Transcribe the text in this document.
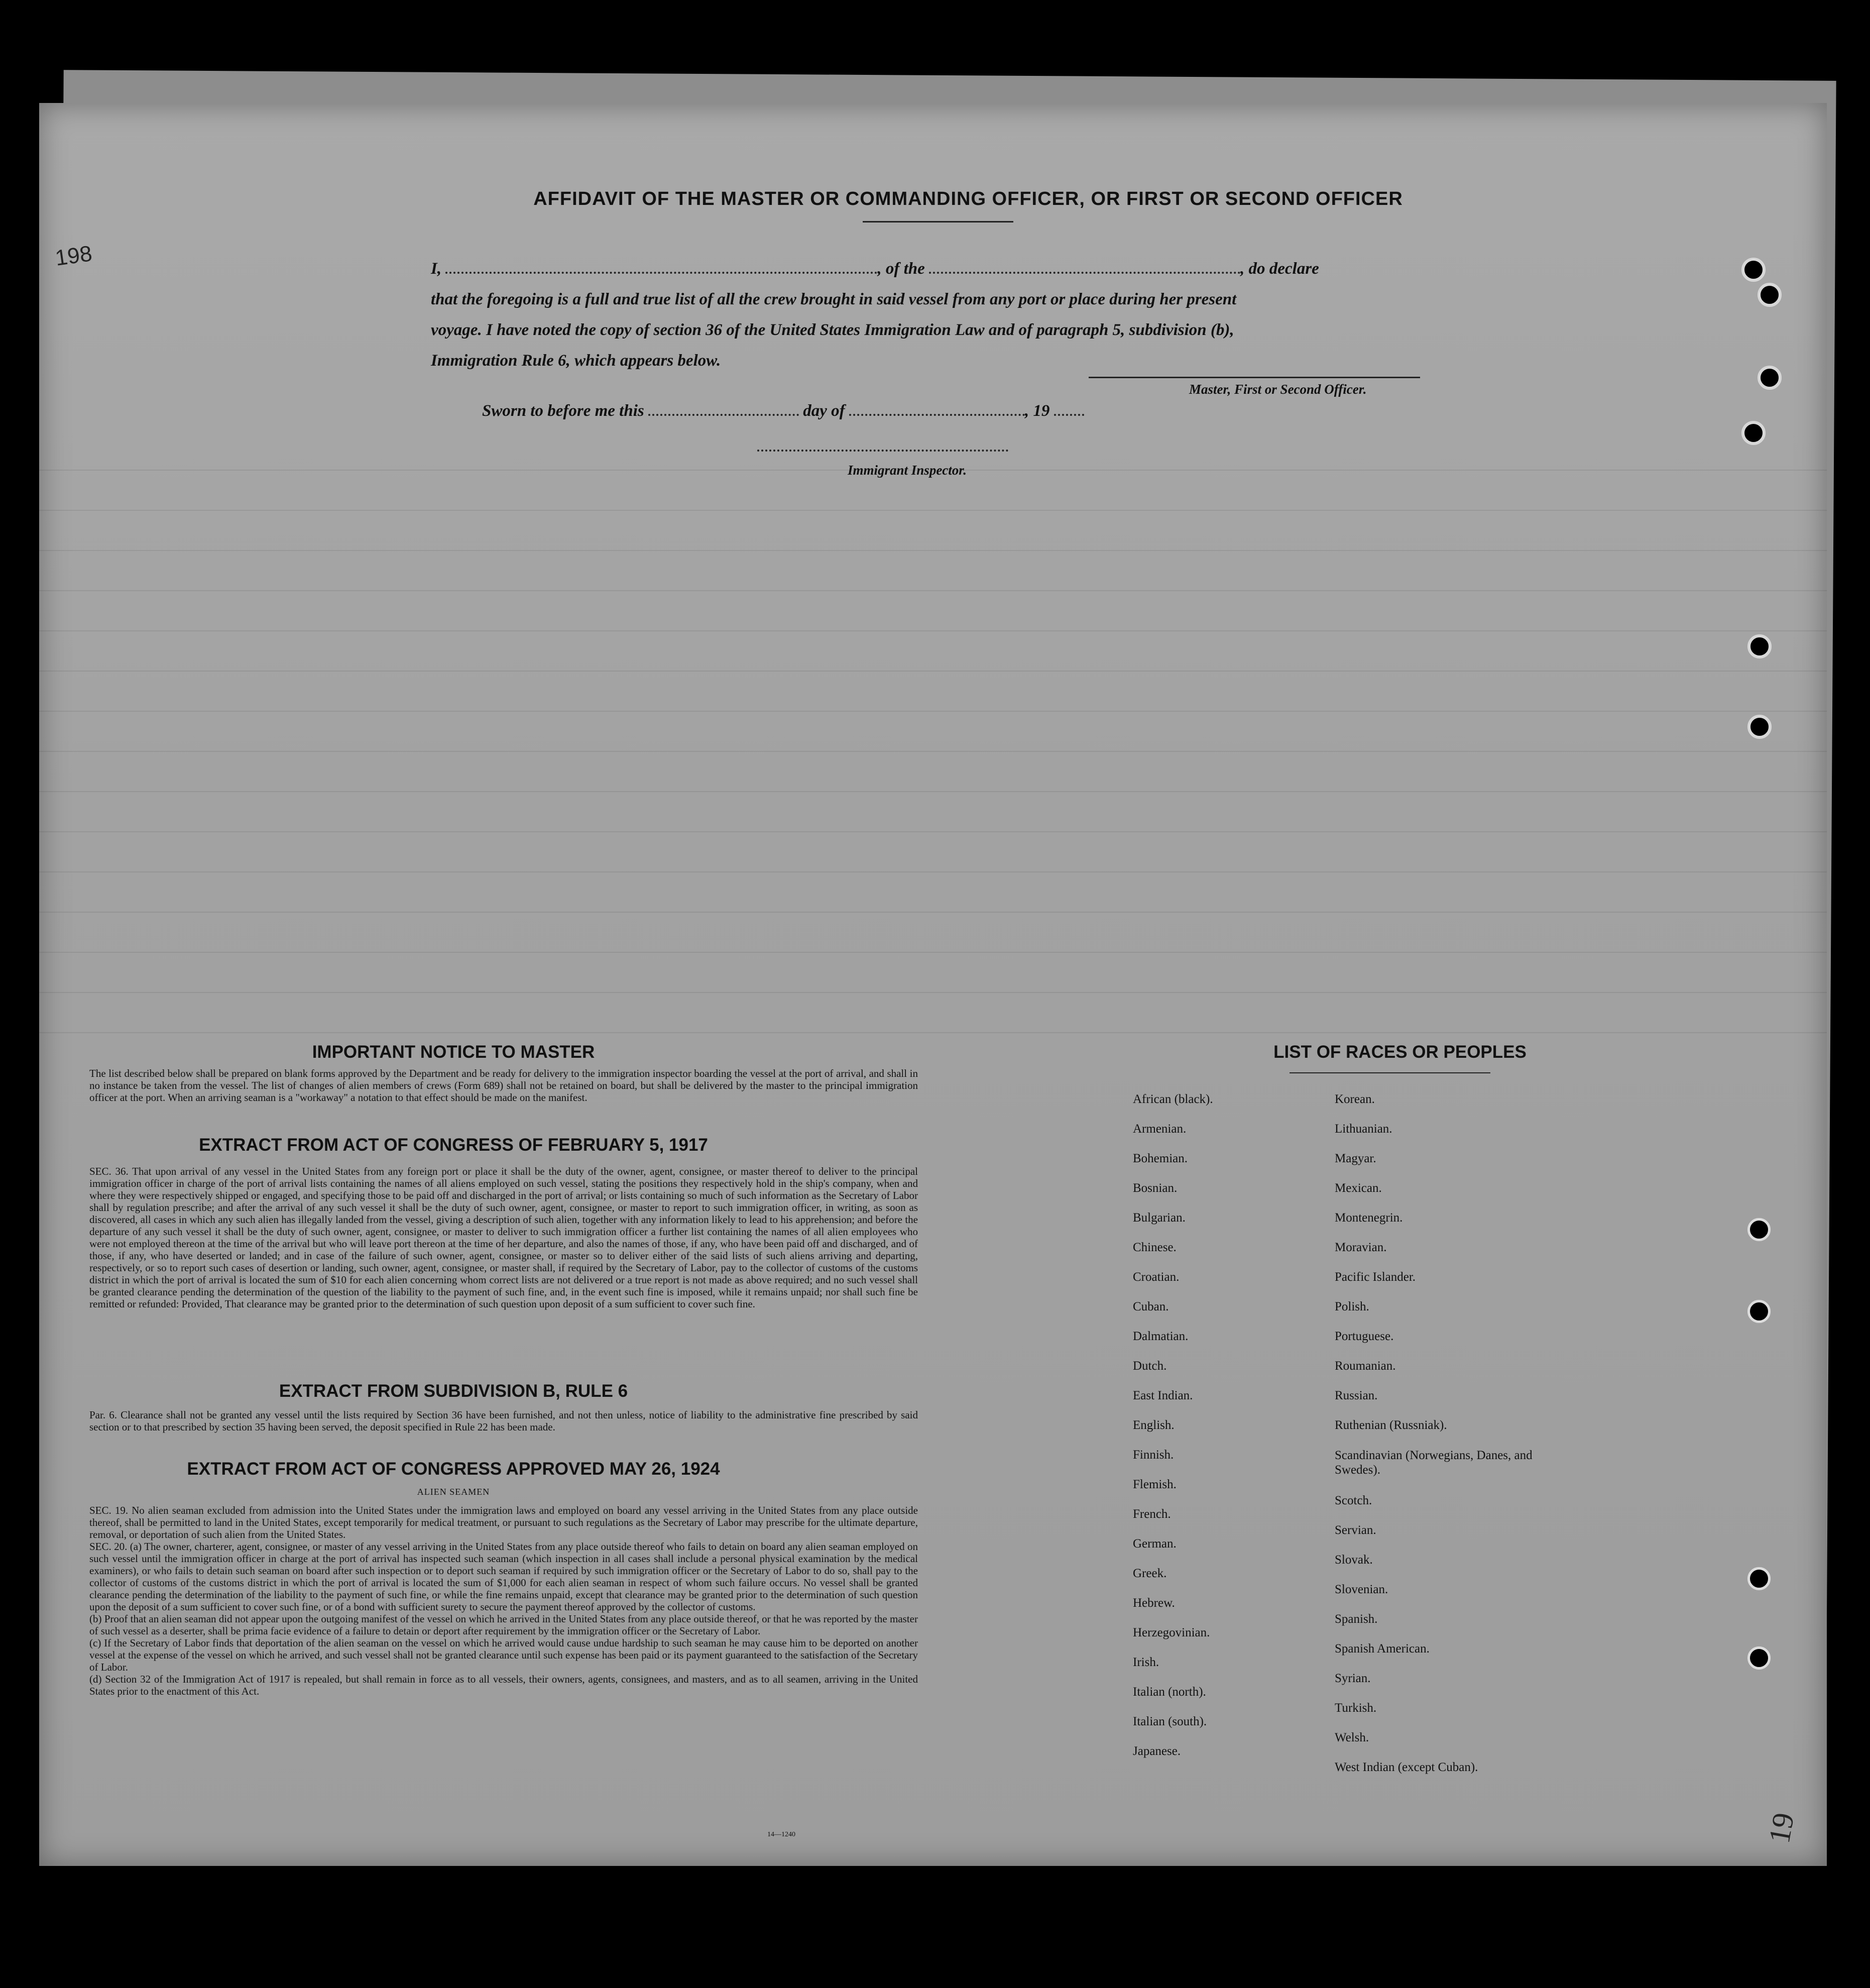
198
AFFIDAVIT OF THE MASTER OR COMMANDING OFFICER, OR FIRST OR SECOND OFFICER
I,	, of the	, do declare
that the foregoing is a full and true list of all the crew brought in said vessel from any port or place during her present
voyage. I have noted the copy of section 36 of the United States Immigration Law and of paragraph 5, subdivision (b),
Immigration Rule 6, which appears below.
Master, First or Second Officer.
Sworn to before me this	day of	, 19
Immigrant Inspector.
IMPORTANT NOTICE TO MASTER
The list described below shall be prepared on blank forms approved by the Department and be ready for delivery to the immigration inspector boarding the vessel at the port of arrival, and shall in no instance be taken from the vessel. The list of changes of alien members of crews (Form 689) shall not be retained on board, but shall be delivered by the master to the principal immigration officer at the port. When an arriving seaman is a "workaway" a notation to that effect should be made on the manifest.
EXTRACT FROM ACT OF CONGRESS OF FEBRUARY 5, 1917
SEC. 36. That upon arrival of any vessel in the United States from any foreign port or place it shall be the duty of the owner, agent, consignee, or master thereof to deliver to the principal immigration officer in charge of the port of arrival lists containing the names of all aliens employed on such vessel, stating the positions they respectively hold in the ship's company, when and where they were respectively shipped or engaged, and specifying those to be paid off and discharged in the port of arrival; or lists containing so much of such information as the Secretary of Labor shall by regulation prescribe; and after the arrival of any such vessel it shall be the duty of such owner, agent, consignee, or master to report to such immigration officer, in writing, as soon as discovered, all cases in which any such alien has illegally landed from the vessel, giving a description of such alien, together with any information likely to lead to his apprehension; and before the departure of any such vessel it shall be the duty of such owner, agent, consignee, or master to deliver to such immigration officer a further list containing the names of all alien employees who were not employed thereon at the time of the arrival but who will leave port thereon at the time of her departure, and also the names of those, if any, who have been paid off and discharged, and of those, if any, who have deserted or landed; and in case of the failure of such owner, agent, consignee, or master so to deliver either of the said lists of such aliens arriving and departing, respectively, or so to report such cases of desertion or landing, such owner, agent, consignee, or master shall, if required by the Secretary of Labor, pay to the collector of customs of the customs district in which the port of arrival is located the sum of $10 for each alien concerning whom correct lists are not delivered or a true report is not made as above required; and no such vessel shall be granted clearance pending the determination of the question of the liability to the payment of such fine, and, in the event such fine is imposed, while it remains unpaid; nor shall such fine be remitted or refunded: Provided, That clearance may be granted prior to the determination of such question upon deposit of a sum sufficient to cover such fine.
EXTRACT FROM SUBDIVISION B, RULE 6
Par. 6. Clearance shall not be granted any vessel until the lists required by Section 36 have been furnished, and not then unless, notice of liability to the administrative fine prescribed by said section or to that prescribed by section 35 having been served, the deposit specified in Rule 22 has been made.
EXTRACT FROM ACT OF CONGRESS APPROVED MAY 26, 1924
ALIEN SEAMEN
SEC. 19. No alien seaman excluded from admission into the United States under the immigration laws and employed on board any vessel arriving in the United States from any place outside thereof, shall be permitted to land in the United States, except temporarily for medical treatment, or pursuant to such regulations as the Secretary of Labor may prescribe for the ultimate departure, removal, or deportation of such alien from the United States.
SEC. 20. (a) The owner, charterer, agent, consignee, or master of any vessel arriving in the United States from any place outside thereof who fails to detain on board any alien seaman employed on such vessel until the immigration officer in charge at the port of arrival has inspected such seaman (which inspection in all cases shall include a personal physical examination by the medical examiners), or who fails to detain such seaman on board after such inspection or to deport such seaman if required by such immigration officer or the Secretary of Labor to do so, shall pay to the collector of customs of the customs district in which the port of arrival is located the sum of $1,000 for each alien seaman in respect of whom such failure occurs. No vessel shall be granted clearance pending the determination of the liability to the payment of such fine, or while the fine remains unpaid, except that clearance may be granted prior to the determination of such question upon the deposit of a sum sufficient to cover such fine, or of a bond with sufficient surety to secure the payment thereof approved by the collector of customs.
(b) Proof that an alien seaman did not appear upon the outgoing manifest of the vessel on which he arrived in the United States from any place outside thereof, or that he was reported by the master of such vessel as a deserter, shall be prima facie evidence of a failure to detain or deport after requirement by the immigration officer or the Secretary of Labor.
(c) If the Secretary of Labor finds that deportation of the alien seaman on the vessel on which he arrived would cause undue hardship to such seaman he may cause him to be deported on another vessel at the expense of the vessel on which he arrived, and such vessel shall not be granted clearance until such expense has been paid or its payment guaranteed to the satisfaction of the Secretary of Labor.
(d) Section 32 of the Immigration Act of 1917 is repealed, but shall remain in force as to all vessels, their owners, agents, consignees, and masters, and as to all seamen, arriving in the United States prior to the enactment of this Act.
14—1240
LIST OF RACES OR PEOPLES
African (black).
Armenian.
Bohemian.
Bosnian.
Bulgarian.
Chinese.
Croatian.
Cuban.
Dalmatian.
Dutch.
East Indian.
English.
Finnish.
Flemish.
French.
German.
Greek.
Hebrew.
Herzegovinian.
Irish.
Italian (north).
Italian (south).
Japanese.
Korean.
Lithuanian.
Magyar.
Mexican.
Montenegrin.
Moravian.
Pacific Islander.
Polish.
Portuguese.
Roumanian.
Russian.
Ruthenian (Russniak).
Scandinavian (Norwegians, Danes, and Swedes).
Scotch.
Servian.
Slovak.
Slovenian.
Spanish.
Spanish American.
Syrian.
Turkish.
Welsh.
West Indian (except Cuban).
19
